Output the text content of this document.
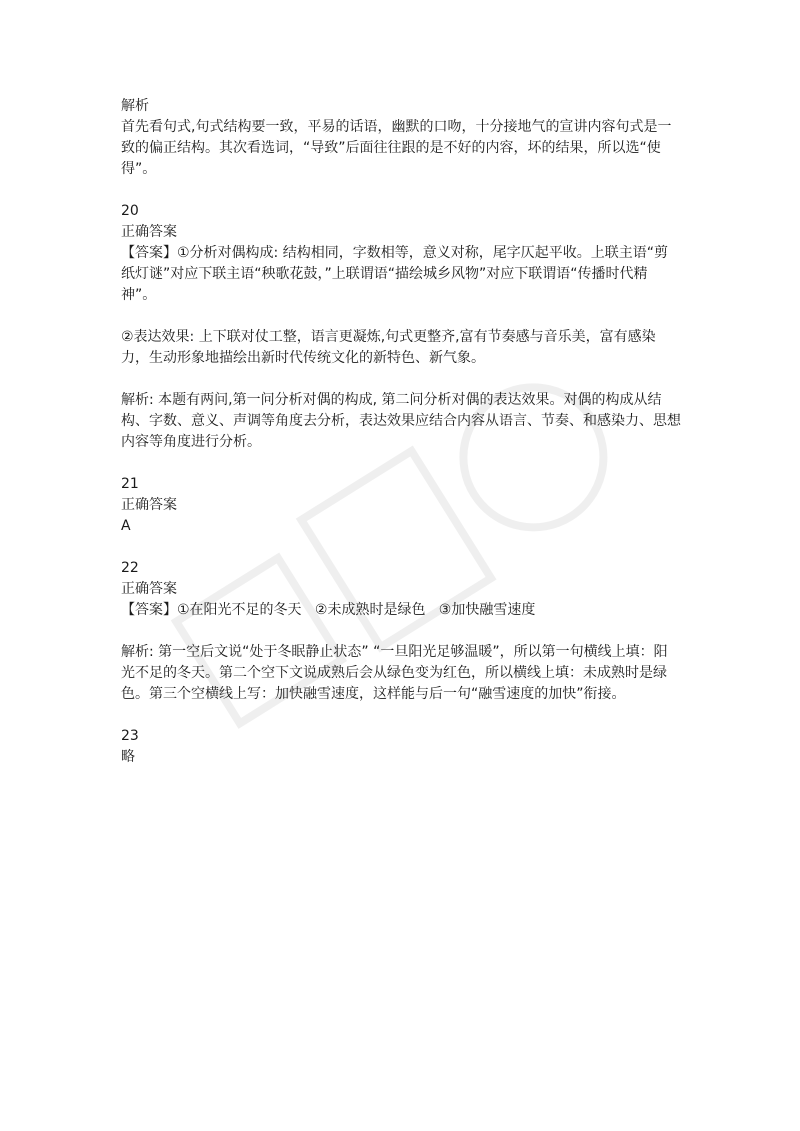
解析
首先看句式,句式结构要一致，平易的话语，幽默的口吻，十分接地气的宣讲内容句式是一致的偏正结构。其次看选词，“导致”后面往往跟的是不好的内容，坏的结果，所以选“使得”。
20
正确答案
【答案】①分析对偶构成: 结构相同，字数相等，意义对称，尾字仄起平收。上联主语“剪纸灯谜”对应下联主语“秧歌花鼓，”上联谓语“描绘城乡风物”对应下联谓语“传播时代精神”。
②表达效果: 上下联对仗工整，语言更凝炼,句式更整齐,富有节奏感与音乐美，富有感染力，生动形象地描绘出新时代传统文化的新特色、新气象。
解析: 本题有两问,第一问分析对偶的构成, 第二问分析对偶的表达效果。对偶的构成从结构、字数、意义、声调等角度去分析，表达效果应结合内容从语言、节奏、和感染力、思想内容等角度进行分析。
21
正确答案
A
22
正确答案
【答案】①在阳光不足的冬天   ②未成熟时是绿色   ③加快融雪速度
解析: 第一空后文说“处于冬眠静止状态” “一旦阳光足够温暖”，所以第一句横线上填：阳光不足的冬天。第二个空下文说成熟后会从绿色变为红色，所以横线上填：未成熟时是绿色。第三个空横线上写：加快融雪速度，这样能与后一句“融雪速度的加快”衔接。
23
略
